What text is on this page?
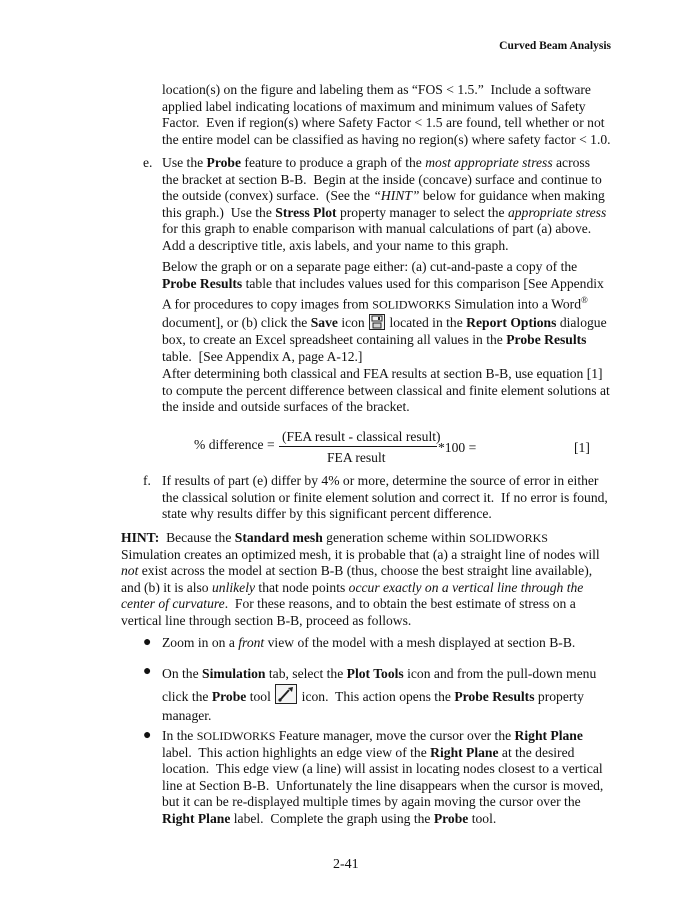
Curved Beam Analysis
location(s) on the figure and labeling them as “FOS < 1.5.”  Include a software
applied label indicating locations of maximum and minimum values of Safety
Factor.  Even if region(s) where Safety Factor < 1.5 are found, tell whether or not
the entire model can be classified as having no region(s) where safety factor < 1.0.
e. Use the Probe feature to produce a graph of the most appropriate stress across
the bracket at section B-B.  Begin at the inside (concave) surface and continue to
the outside (convex) surface.  (See the “HINT” below for guidance when making
this graph.)  Use the Stress Plot property manager to select the appropriate stress
for this graph to enable comparison with manual calculations of part (a) above.
Add a descriptive title, axis labels, and your name to this graph.
Below the graph or on a separate page either: (a) cut-and-paste a copy of the
Probe Results table that includes values used for this comparison [See Appendix
A for procedures to copy images from SOLIDWORKS Simulation into a Word®
document], or (b) click the Save icon
located in the Report Options dialogue
box, to create an Excel spreadsheet containing all values in the Probe Results
table.  [See Appendix A, page A-12.]
After determining both classical and FEA results at section B-B, use equation [1]
to compute the percent difference between classical and finite element solutions at
the inside and outside surfaces of the bracket.
% difference =
(FEA result - classical result)
*100 =
FEA result
[1]
f. If results of part (e) differ by 4% or more, determine the source of error in either
the classical solution or finite element solution and correct it.  If no error is found,
state why results differ by this significant percent difference.
HINT:  Because the Standard mesh generation scheme within SOLIDWORKS
Simulation creates an optimized mesh, it is probable that (a) a straight line of nodes will
not exist across the model at section B-B (thus, choose the best straight line available),
and (b) it is also unlikely that node points occur exactly on a vertical line through the
center of curvature.  For these reasons, and to obtain the best estimate of stress on a
vertical line through section B-B, proceed as follows.
● Zoom in on a front view of the model with a mesh displayed at section B-B.
● On the Simulation tab, select the Plot Tools icon and from the pull-down menu
click the Probe tool
icon.  This action opens the Probe Results property
manager.
● In the SOLIDWORKS Feature manager, move the cursor over the Right Plane
label.  This action highlights an edge view of the Right Plane at the desired
location.  This edge view (a line) will assist in locating nodes closest to a vertical
line at Section B-B.  Unfortunately the line disappears when the cursor is moved,
but it can be re-displayed multiple times by again moving the cursor over the
Right Plane label.  Complete the graph using the Probe tool.
2-41
